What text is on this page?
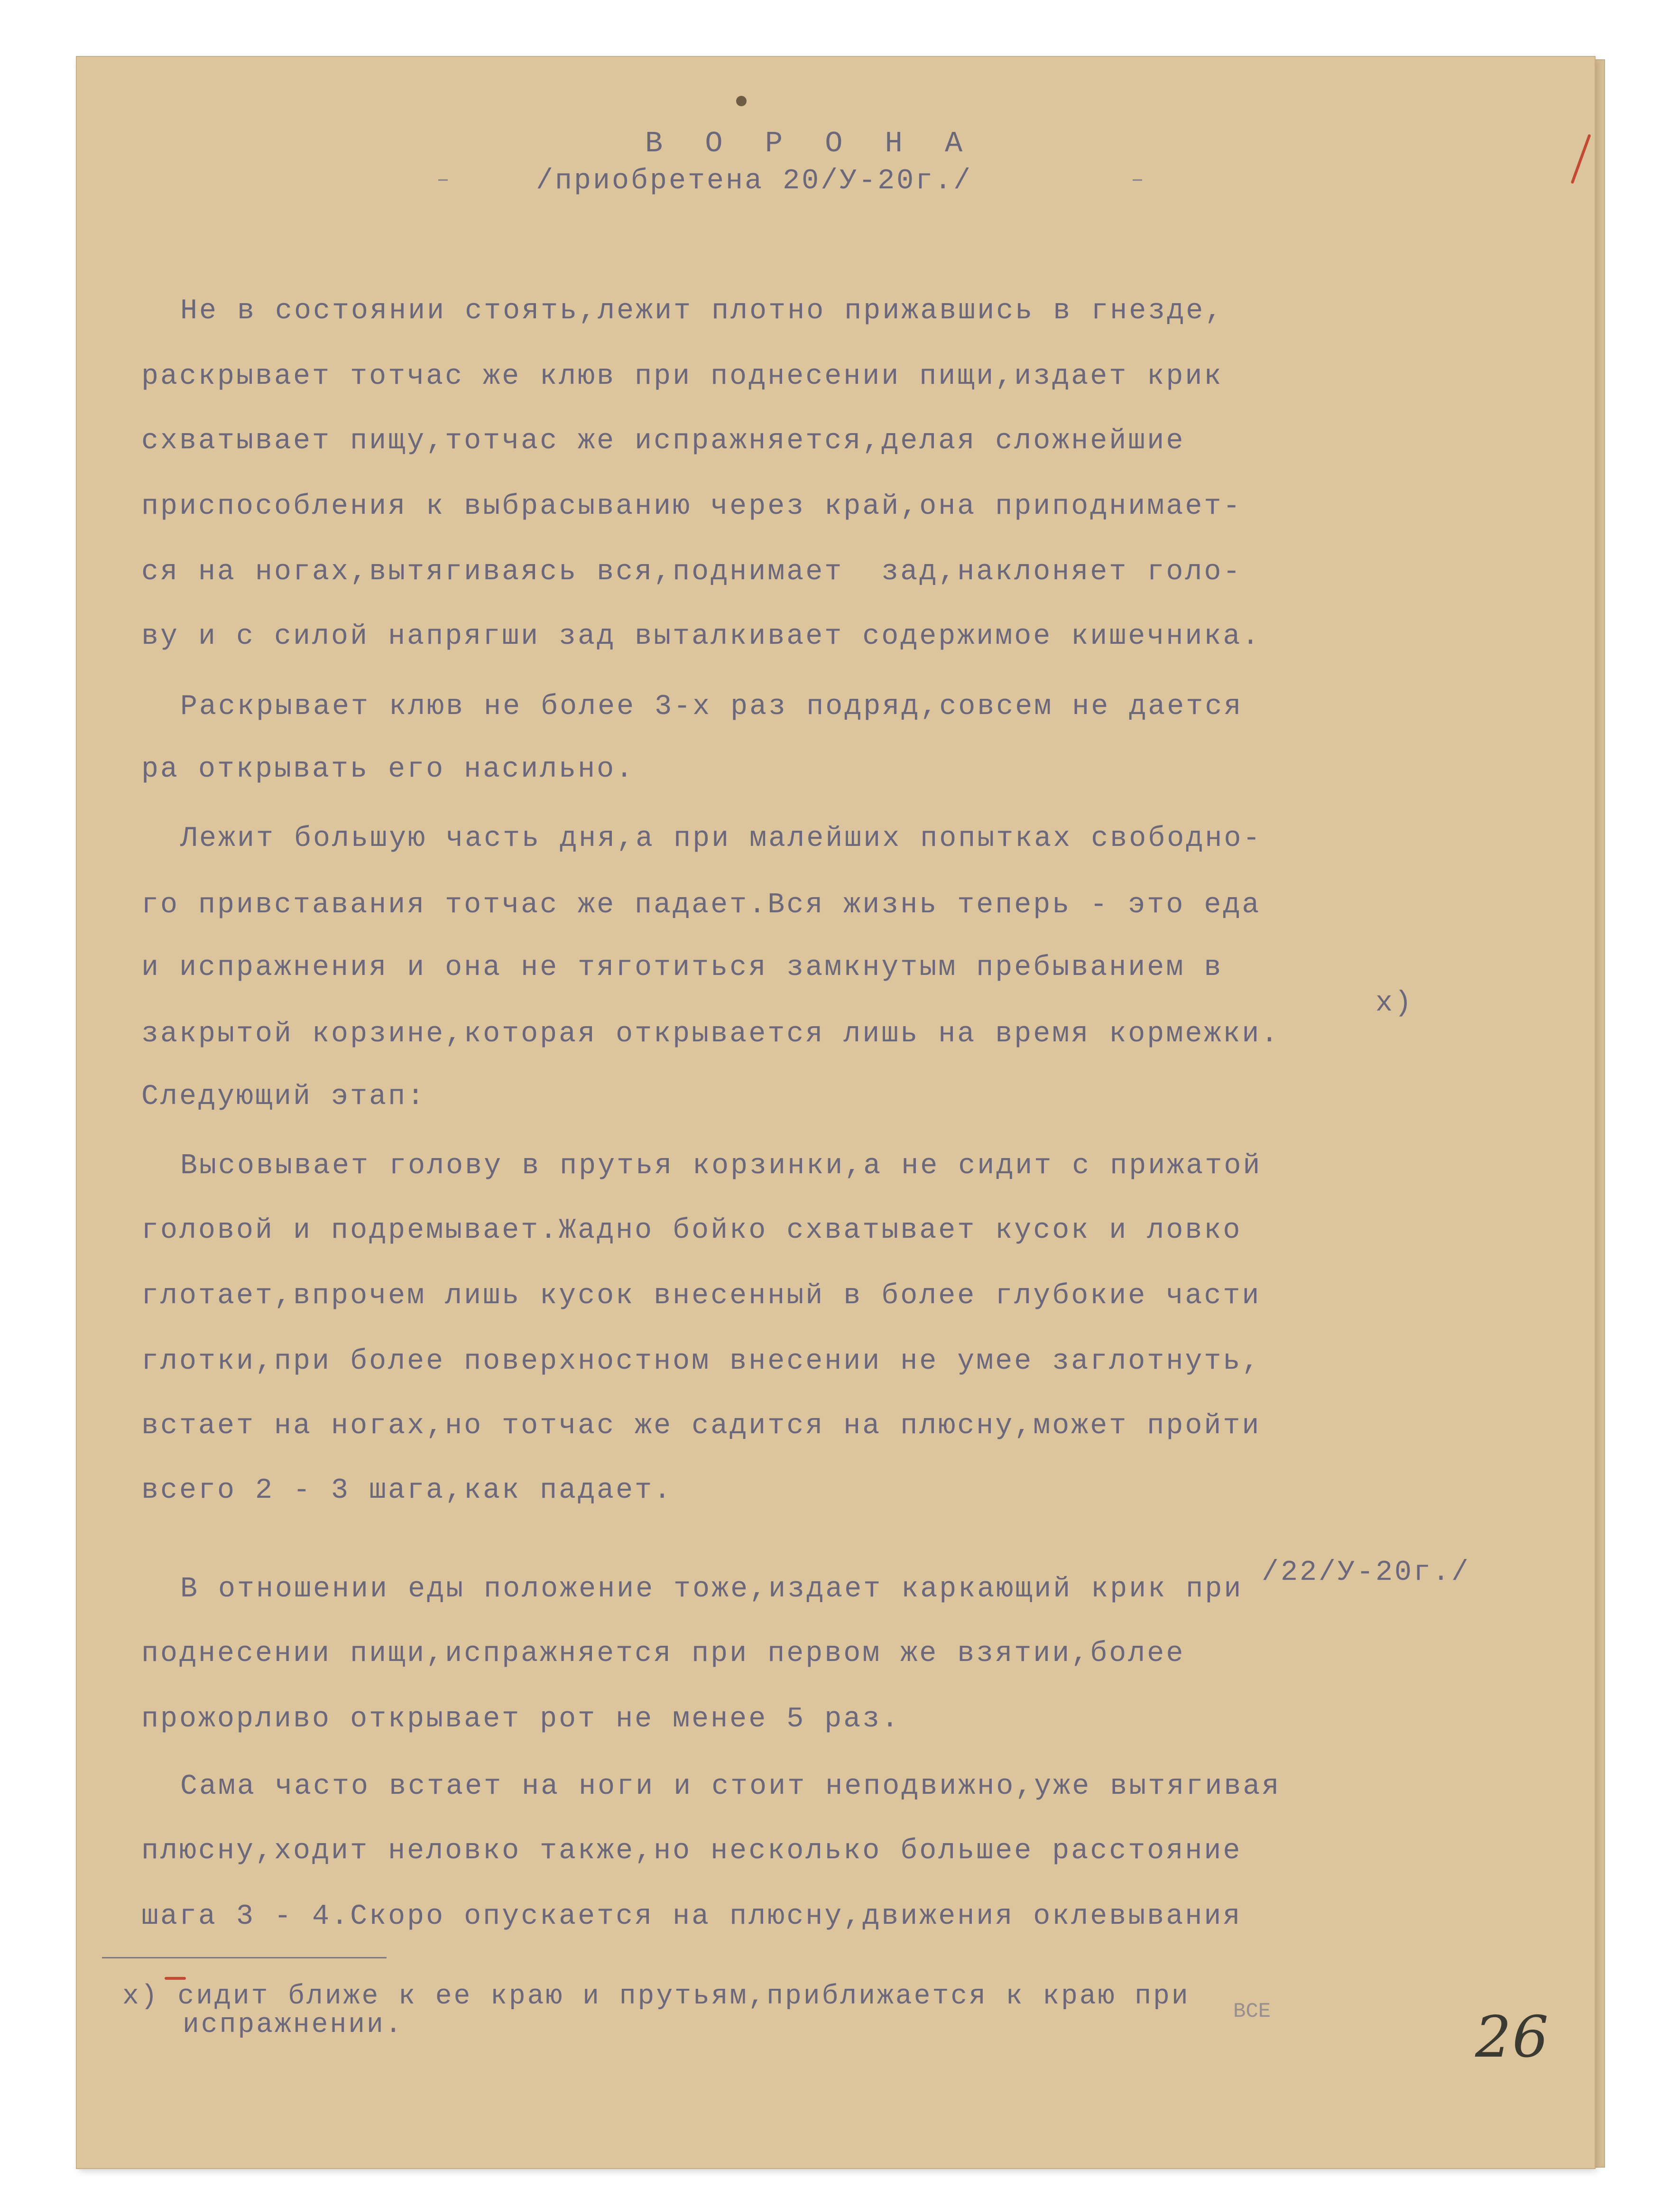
В О Р О Н А
/приобретена 20/У-20г./
Не в состоянии стоять,лежит плотно прижавшись в гнезде,
раскрывает тотчас же клюв при поднесении пищи,издает крик
схватывает пищу,тотчас же испражняется,делая сложнейшие
приспособления к выбрасыванию через край,она приподнимает-
ся на ногах,вытягиваясь вся,поднимает  зад,наклоняет голо-
ву и с силой напрягши зад выталкивает содержимое кишечника.
Раскрывает клюв не более 3-х раз подряд,совсем не дается
ра открывать его насильно.
Лежит большую часть дня,а при малейших попытках свободно-
го привставания тотчас же падает.Вся жизнь теперь - это еда
и испражнения и она не тяготиться замкнутым пребыванием в
х)
закрытой корзине,которая открывается лишь на время кормежки.
Следующий этап:
Высовывает голову в прутья корзинки,а не сидит с прижатой
головой и подремывает.Жадно бойко схватывает кусок и ловко
глотает,впрочем лишь кусок внесенный в более глубокие части
глотки,при более поверхностном внесении не умее заглотнуть,
встает на ногах,но тотчас же садится на плюсну,может пройти
всего 2 - 3 шага,как падает.
/22/У-20г./
В отношении еды положение тоже,издает каркающий крик при
поднесении пищи,испражняется при первом же взятии,более
прожорливо открывает рот не менее 5 раз.
Сама часто встает на ноги и стоит неподвижно,уже вытягивая
плюсну,ходит неловко также,но несколько большее расстояние
шага 3 - 4.Скоро опускается на плюсну,движения оклевывания
х) сидит ближе к ее краю и прутьям,приближается к краю при
испражнении.	ВСЕ	26
